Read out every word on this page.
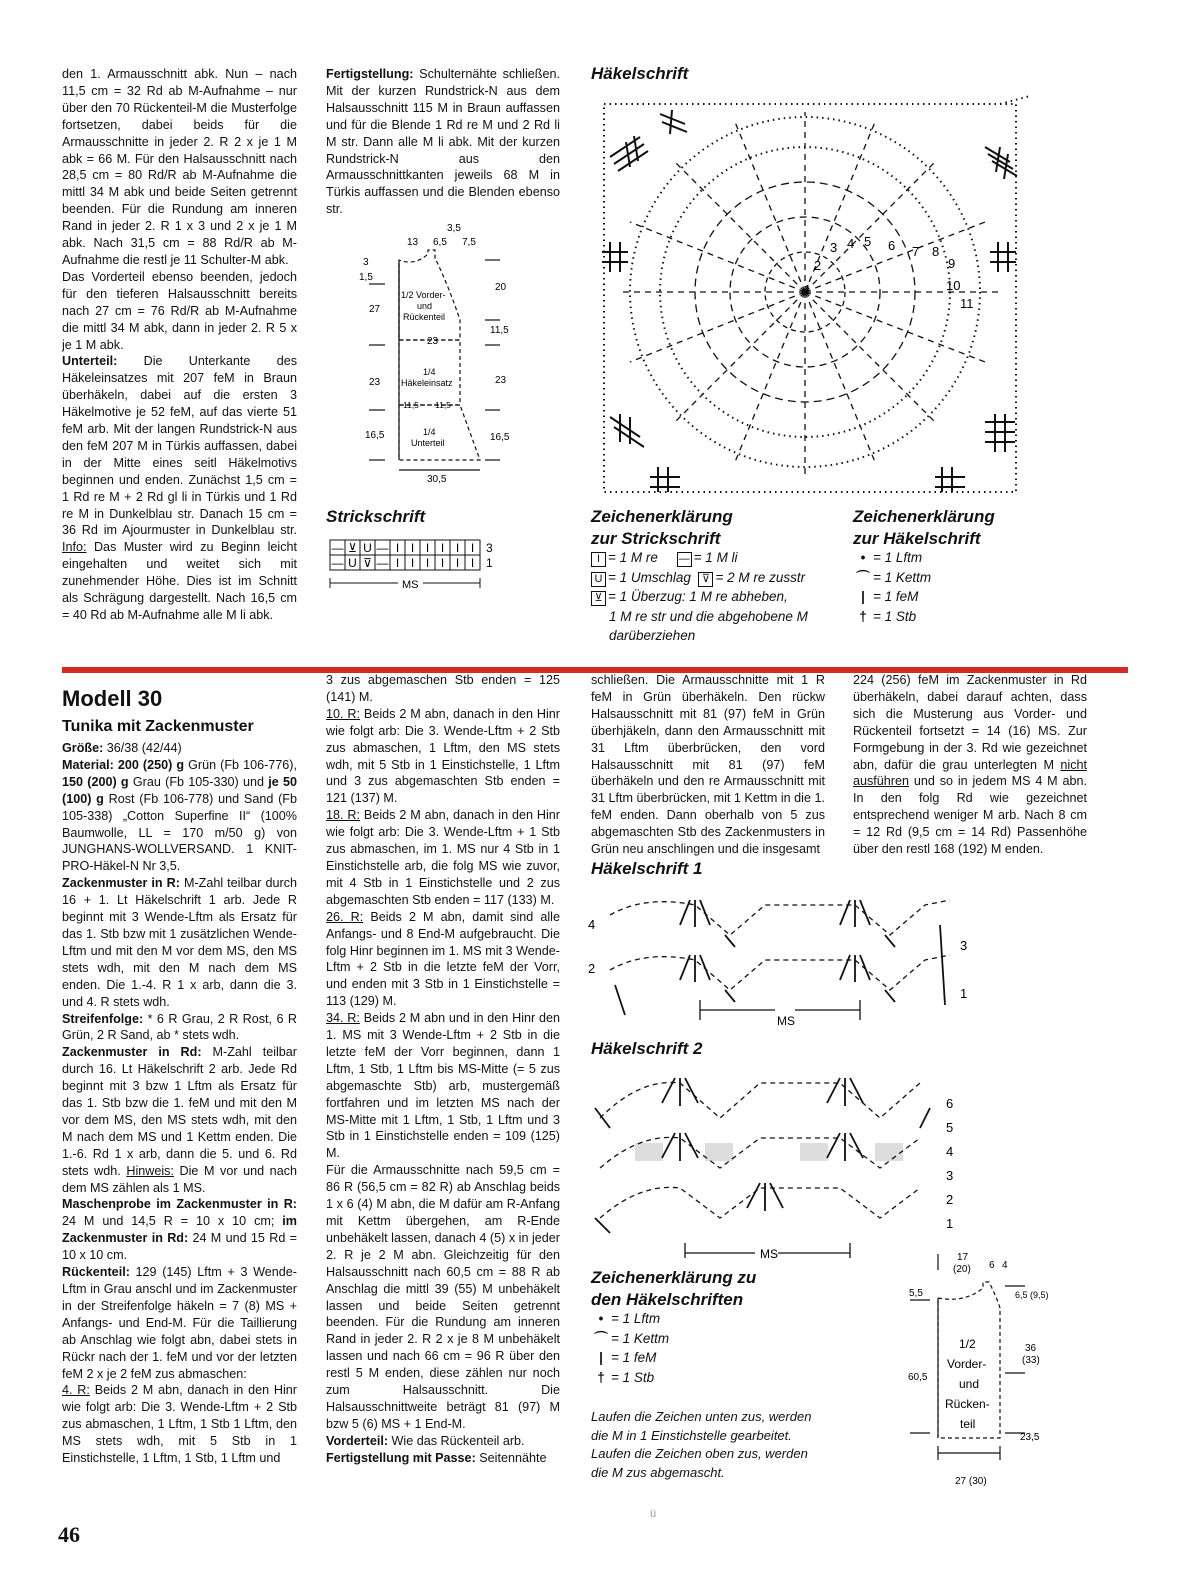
den 1. Armausschnitt abk. Nun – nach 11,5 cm = 32 Rd ab M-Aufnahme – nur über den 70 Rückenteil-M die Musterfolge fortsetzen, dabei beids für die Armausschnitte in jeder 2. R 2 x je 1 M abk = 66 M. Für den Halsausschnitt nach 28,5 cm = 80 Rd/R ab M-Aufnahme die mittl 34 M abk und beide Seiten getrennt beenden. Für die Rundung am inneren Rand in jeder 2. R 1 x 3 und 2 x je 1 M abk. Nach 31,5 cm = 88 Rd/R ab M-Aufnahme die restl je 11 Schulter-M abk.

Das Vorderteil ebenso beenden, jedoch für den tieferen Halsausschnitt bereits nach 27 cm = 76 Rd/R ab M-Aufnahme die mittl 34 M abk, dann in jeder 2. R 5 x je 1 M abk.

Unterteil: Die Unterkante des Häkeleinsatzes mit 207 feM in Braun überhäkeln, dabei auf die ersten 3 Häkelmotive je 52 feM, auf das vierte 51 feM arb. Mit der langen Rundstrick-N aus den feM 207 M in Türkis auffassen, dabei in der Mitte eines seitl Häkelmotivs beginnen und enden. Zunächst 1,5 cm = 1 Rd re M + 2 Rd gl li in Türkis und 1 Rd re M in Dunkelblau str. Danach 15 cm = 36 Rd im Ajourmuster in Dunkelblau str. Info: Das Muster wird zu Beginn leicht eingehalten und weitet sich mit zunehmender Höhe. Dies ist im Schnitt als Schrägung dargestellt. Nach 16,5 cm = 40 Rd ab M-Aufnahme alle M li abk.

Fertigstellung: Schulternähte schließen. Mit der kurzen Rundstrick-N aus dem Halsausschnitt 115 M in Braun auffassen und für die Blende 1 Rd re M und 2 Rd li M str. Dann alle M li abk. Mit der kurzen Rundstrick-N aus den Armausschnittkanten jeweils 68 M in Türkis auffassen und die Blenden ebenso str.

3,5
13 6,5 7,5
3
1,5
27
23
16,5
20
11,5
23
16,5
1/2 Vorder-
und
Rückenteil
23
1/4
Häkeleinsatz
11,5 11,5
1/4
Unterteil
30,5
Strickschrift
— ⊻ U — I I I I I I
— U ⊽ — I I I I I I
3
1
MS
Häkelschrift
1
2
3 4 5 6 7 8
9
10
11
Zeichenerklärung
zur Strickschrift
I = 1 M re — = 1 M li
U = 1 Umschlag ⊽ = 2 M re zusstr
⊻ = 1 Überzug: 1 M re abheben,
1 M re str und die abgehobene M
darüberziehen
Zeichenerklärung
zur Häkelschrift
• = 1 Lftm
⌒ = 1 Kettm
| = 1 feM
† = 1 Stb
Modell 30
Tunika mit Zackenmuster

Größe: 36/38 (42/44)

Material: 200 (250) g Grün (Fb 106-776), 150 (200) g Grau (Fb 105-330) und je 50 (100) g Rost (Fb 106-778) und Sand (Fb 105-338) „Cotton Superfine II“ (100% Baumwolle, LL = 170 m/50 g) von JUNGHANS-WOLLVERSAND. 1 KNIT-PRO-Häkel-N Nr 3,5.

Zackenmuster in R: M-Zahl teilbar durch 16 + 1. Lt Häkelschrift 1 arb. Jede R beginnt mit 3 Wende-Lftm als Ersatz für das 1. Stb bzw mit 1 zusätzlichen Wende-Lftm und mit den M vor dem MS, den MS stets wdh, mit den M nach dem MS enden. Die 1.-4. R 1 x arb, dann die 3. und 4. R stets wdh.

Streifenfolge: * 6 R Grau, 2 R Rost, 6 R Grün, 2 R Sand, ab * stets wdh.

Zackenmuster in Rd: M-Zahl teilbar durch 16. Lt Häkelschrift 2 arb. Jede Rd beginnt mit 3 bzw 1 Lftm als Ersatz für das 1. Stb bzw die 1. feM und mit den M vor dem MS, den MS stets wdh, mit den M nach dem MS und 1 Kettm enden. Die 1.-6. Rd 1 x arb, dann die 5. und 6. Rd stets wdh. Hinweis: Die M vor und nach dem MS zählen als 1 MS.

Maschenprobe im Zackenmuster in R: 24 M und 14,5 R = 10 x 10 cm; im Zackenmuster in Rd: 24 M und 15 Rd = 10 x 10 cm.

Rückenteil: 129 (145) Lftm + 3 Wende-Lftm in Grau anschl und im Zackenmuster in der Streifenfolge häkeln = 7 (8) MS + Anfangs- und End-M. Für die Taillierung ab Anschlag wie folgt abn, dabei stets in Rückr nach der 1. feM und vor der letzten feM 2 x je 2 feM zus abmaschen:

4. R: Beids 2 M abn, danach in den Hinr wie folgt arb: Die 3. Wende-Lftm + 2 Stb zus abmaschen, 1 Lftm, 1 Stb 1 Lftm, den MS stets wdh, mit 5 Stb in 1 Einstichstelle, 1 Lftm, 1 Stb, 1 Lftm und

3 zus abgemaschen Stb enden = 125 (141) M.

10. R: Beids 2 M abn, danach in den Hinr wie folgt arb: Die 3. Wende-Lftm + 2 Stb zus abmaschen, 1 Lftm, den MS stets wdh, mit 5 Stb in 1 Einstichstelle, 1 Lftm und 3 zus abgemaschten Stb enden = 121 (137) M.

18. R: Beids 2 M abn, danach in den Hinr wie folgt arb: Die 3. Wende-Lftm + 1 Stb zus abmaschen, im 1. MS nur 4 Stb in 1 Einstichstelle arb, die folg MS wie zuvor, mit 4 Stb in 1 Einstichstelle und 2 zus abgemaschten Stb enden = 117 (133) M.

26. R: Beids 2 M abn, damit sind alle Anfangs- und 8 End-M aufgebraucht. Die folg Hinr beginnen im 1. MS mit 3 Wende-Lftm + 2 Stb in die letzte feM der Vorr, und enden mit 3 Stb in 1 Einstichstelle = 113 (129) M.

34. R: Beids 2 M abn und in den Hinr den 1. MS mit 3 Wende-Lftm + 2 Stb in die letzte feM der Vorr beginnen, dann 1 Lftm, 1 Stb, 1 Lftm bis MS-Mitte (= 5 zus abgemaschte Stb) arb, mustergemäß fortfahren und im letzten MS nach der MS-Mitte mit 1 Lftm, 1 Stb, 1 Lftm und 3 Stb in 1 Einstichstelle enden = 109 (125) M.

Für die Armausschnitte nach 59,5 cm = 86 R (56,5 cm = 82 R) ab Anschlag beids 1 x 6 (4) M abn, die M dafür am R-Anfang mit Kettm übergehen, am R-Ende unbehäkelt lassen, danach 4 (5) x in jeder 2. R je 2 M abn. Gleichzeitig für den Halsausschnitt nach 60,5 cm = 88 R ab Anschlag die mittl 39 (55) M unbehäkelt lassen und beide Seiten getrennt beenden. Für die Rundung am inneren Rand in jeder 2. R 2 x je 8 M unbehäkelt lassen und nach 66 cm = 96 R über den restl 5 M enden, diese zählen nur noch zum Halsausschnitt. Die Halsausschnittweite beträgt 81 (97) M bzw 5 (6) MS + 1 End-M.

Vorderteil: Wie das Rückenteil arb.

Fertigstellung mit Passe: Seitennähte

schließen. Die Armausschnitte mit 1 R feM in Grün überhäkeln. Den rückw Halsausschnitt mit 81 (97) feM in Grün überhjäkeln, dann den Armausschnitt mit 31 Lftm überbrücken, den vord Halsausschnitt mit 81 (97) feM überhäkeln und den re Armausschnitt mit 31 Lftm überbrücken, mit 1 Kettm in die 1. feM enden. Dann oberhalb von 5 zus abgemaschten Stb des Zackenmusters in Grün neu anschlingen und die insgesamt

224 (256) feM im Zackenmuster in Rd überhäkeln, dabei darauf achten, dass sich die Musterung aus Vorder- und Rückenteil fortsetzt = 14 (16) MS. Zur Formgebung in der 3. Rd wie gezeichnet abn, dafür die grau unterlegten M nicht ausführen und so in jedem MS 4 M abn. In den folg Rd wie gezeichnet entsprechend weniger M arb. Nach 8 cm = 12 Rd (9,5 cm = 14 Rd) Passenhöhe über den restl 168 (192) M enden.

Häkelschrift 1
4
2
3
1
MS
Häkelschrift 2
6
5
4
3
2
1
MS
Zeichenerklärung zu
den Häkelschriften
• = 1 Lftm
⌒ = 1 Kettm
| = 1 feM
† = 1 Stb
Laufen die Zeichen unten zus, werden die M in 1 Einstichstelle gearbeitet. Laufen die Zeichen oben zus, werden die M zus abgemascht.
17
(20) 6 4
5,5
60,5
6,5 (9,5)
36
(33)
23,5
1/2
Vorder-
und
Rücken-
teil
27 (30)
46
ü
